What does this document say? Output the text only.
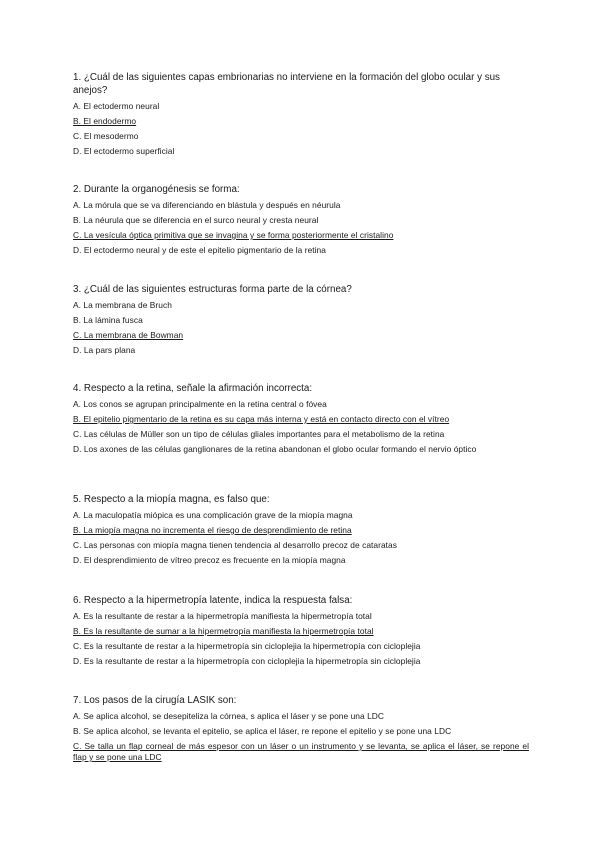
1. ¿Cuál de las siguientes capas embrionarias no interviene en la formación del globo ocular y sus anejos?

A. El ectodermo neural

B. El endodermo

C. El mesodermo

D. El ectodermo superficial

2. Durante la organogénesis se forma:

A. La mórula que se va diferenciando en blástula y después en néurula

B. La néurula que se diferencia en el surco neural y cresta neural

C. La vesícula óptica primitiva que se invagina y se forma posteriormente el cristalino

D. El ectodermo neural y de este el epitelio pigmentario de la retina

3. ¿Cuál de las siguientes estructuras forma parte de la córnea?

A. La membrana de Bruch

B. La lámina fusca

C. La membrana de Bowman

D. La pars plana

4. Respecto a la retina, señale la afirmación incorrecta:

A. Los conos se agrupan principalmente en la retina central o fóvea

B. El epitelio pigmentario de la retina es su capa más interna y está en contacto directo con el vítreo

C. Las células de Müller son un tipo de células gliales importantes para el metabolismo de la retina

D. Los axones de las células ganglionares de la retina abandonan el globo ocular formando el nervio óptico

5. Respecto a la miopía magna, es falso que:

A. La maculopatía miópica es una complicación grave de la miopía magna

B. La miopía magna no incrementa el riesgo de desprendimiento de retina

C. Las personas con miopía magna tienen tendencia al desarrollo precoz de cataratas

D. El desprendimiento de vítreo precoz es frecuente en la miopía magna

6. Respecto a la hipermetropía latente, indica la respuesta falsa:

A. Es la resultante de restar a la hipermetropía manifiesta la hipermetropía total

B. Es la resultante de sumar a la hipermetropía manifiesta la hipermetropía total

C. Es la resultante de restar a la hipermetropía sin cicloplejia la hipermetropía con cicloplejia

D. Es la resultante de restar a la hipermetropía con cicloplejia la hipermetropía sin cicloplejia

7. Los pasos de la cirugía LASIK son:

A. Se aplica alcohol, se desepiteliza la córnea, s aplica el láser y se pone una LDC

B. Se aplica alcohol, se levanta el epitelio, se aplica el láser, re repone el epitelio y se pone una LDC

C. Se talla un flap corneal de más espesor con un láser o un instrumento y se levanta, se aplica el láser, se repone el flap y se pone una LDC
